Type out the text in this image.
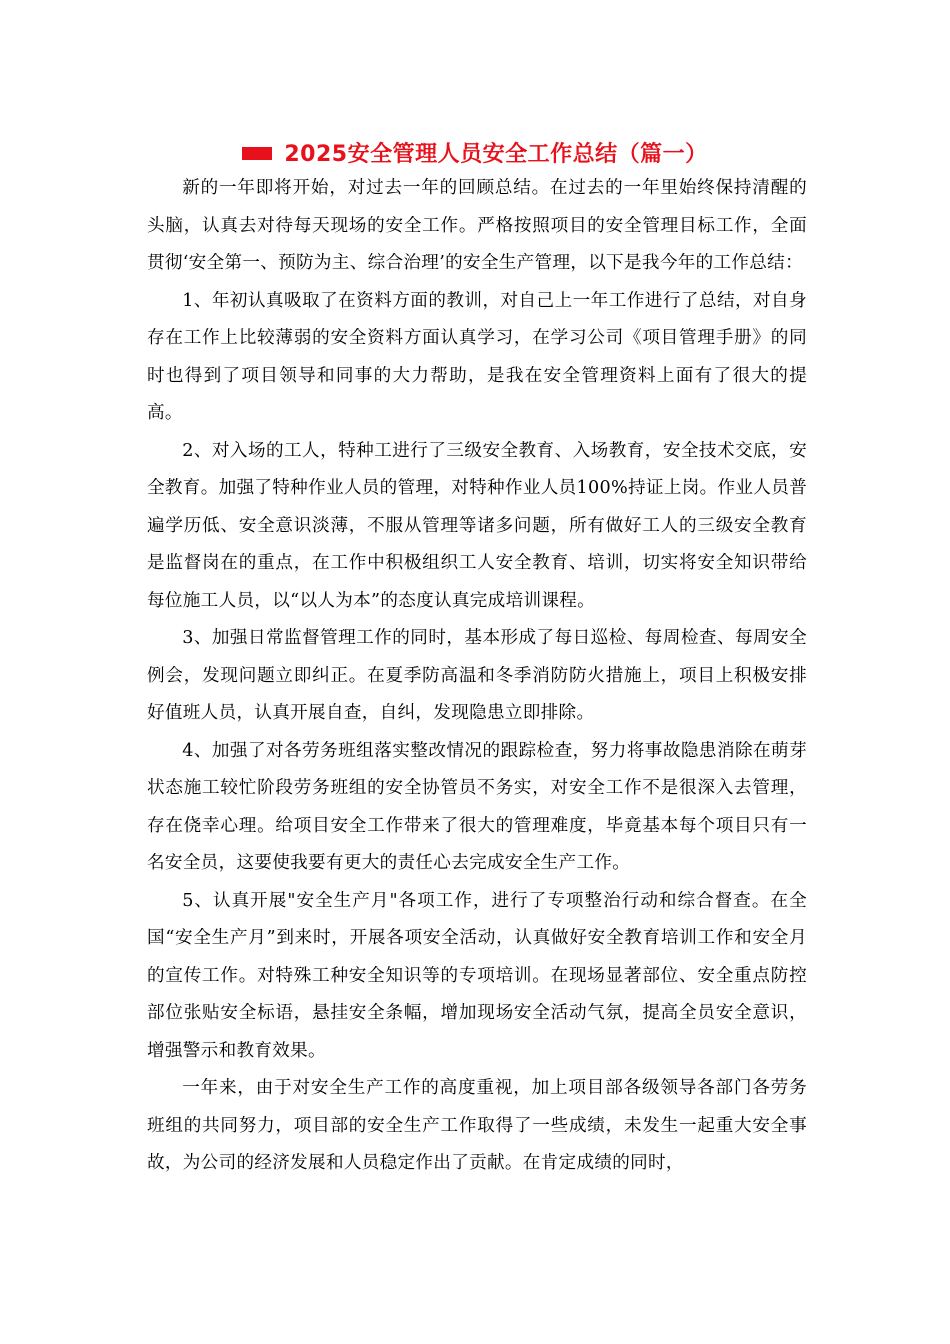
2025安全管理人员安全工作总结（篇一）

新的一年即将开始，对过去一年的回顾总结。在过去的一年里始终保持清醒的头脑，认真去对待每天现场的安全工作。严格按照项目的安全管理目标工作，全面贯彻‘安全第一、预防为主、综合治理’的安全生产管理，以下是我今年的工作总结：

1、年初认真吸取了在资料方面的教训，对自己上一年工作进行了总结，对自身存在工作上比较薄弱的安全资料方面认真学习，在学习公司《项目管理手册》的同时也得到了项目领导和同事的大力帮助，是我在安全管理资料上面有了很大的提高。

2、对入场的工人，特种工进行了三级安全教育、入场教育，安全技术交底，安全教育。加强了特种作业人员的管理，对特种作业人员100%持证上岗。作业人员普遍学历低、安全意识淡薄，不服从管理等诸多问题，所有做好工人的三级安全教育是监督岗在的重点，在工作中积极组织工人安全教育、培训，切实将安全知识带给每位施工人员，以“以人为本”的态度认真完成培训课程。

3、加强日常监督管理工作的同时，基本形成了每日巡检、每周检查、每周安全例会，发现问题立即纠正。在夏季防高温和冬季消防防火措施上，项目上积极安排好值班人员，认真开展自查，自纠，发现隐患立即排除。

4、加强了对各劳务班组落实整改情况的跟踪检查，努力将事故隐患消除在萌芽状态施工较忙阶段劳务班组的安全协管员不务实，对安全工作不是很深入去管理，存在侥幸心理。给项目安全工作带来了很大的管理难度，毕竟基本每个项目只有一名安全员，这要使我要有更大的责任心去完成安全生产工作。

5、认真开展"安全生产月"各项工作，进行了专项整治行动和综合督查。在全国“安全生产月”到来时，开展各项安全活动，认真做好安全教育培训工作和安全月的宣传工作。对特殊工种安全知识等的专项培训。在现场显著部位、安全重点防控部位张贴安全标语，悬挂安全条幅，增加现场安全活动气氛，提高全员安全意识，增强警示和教育效果。

一年来，由于对安全生产工作的高度重视，加上项目部各级领导各部门各劳务班组的共同努力，项目部的安全生产工作取得了一些成绩，未发生一起重大安全事故，为公司的经济发展和人员稳定作出了贡献。在肯定成绩的同时，
